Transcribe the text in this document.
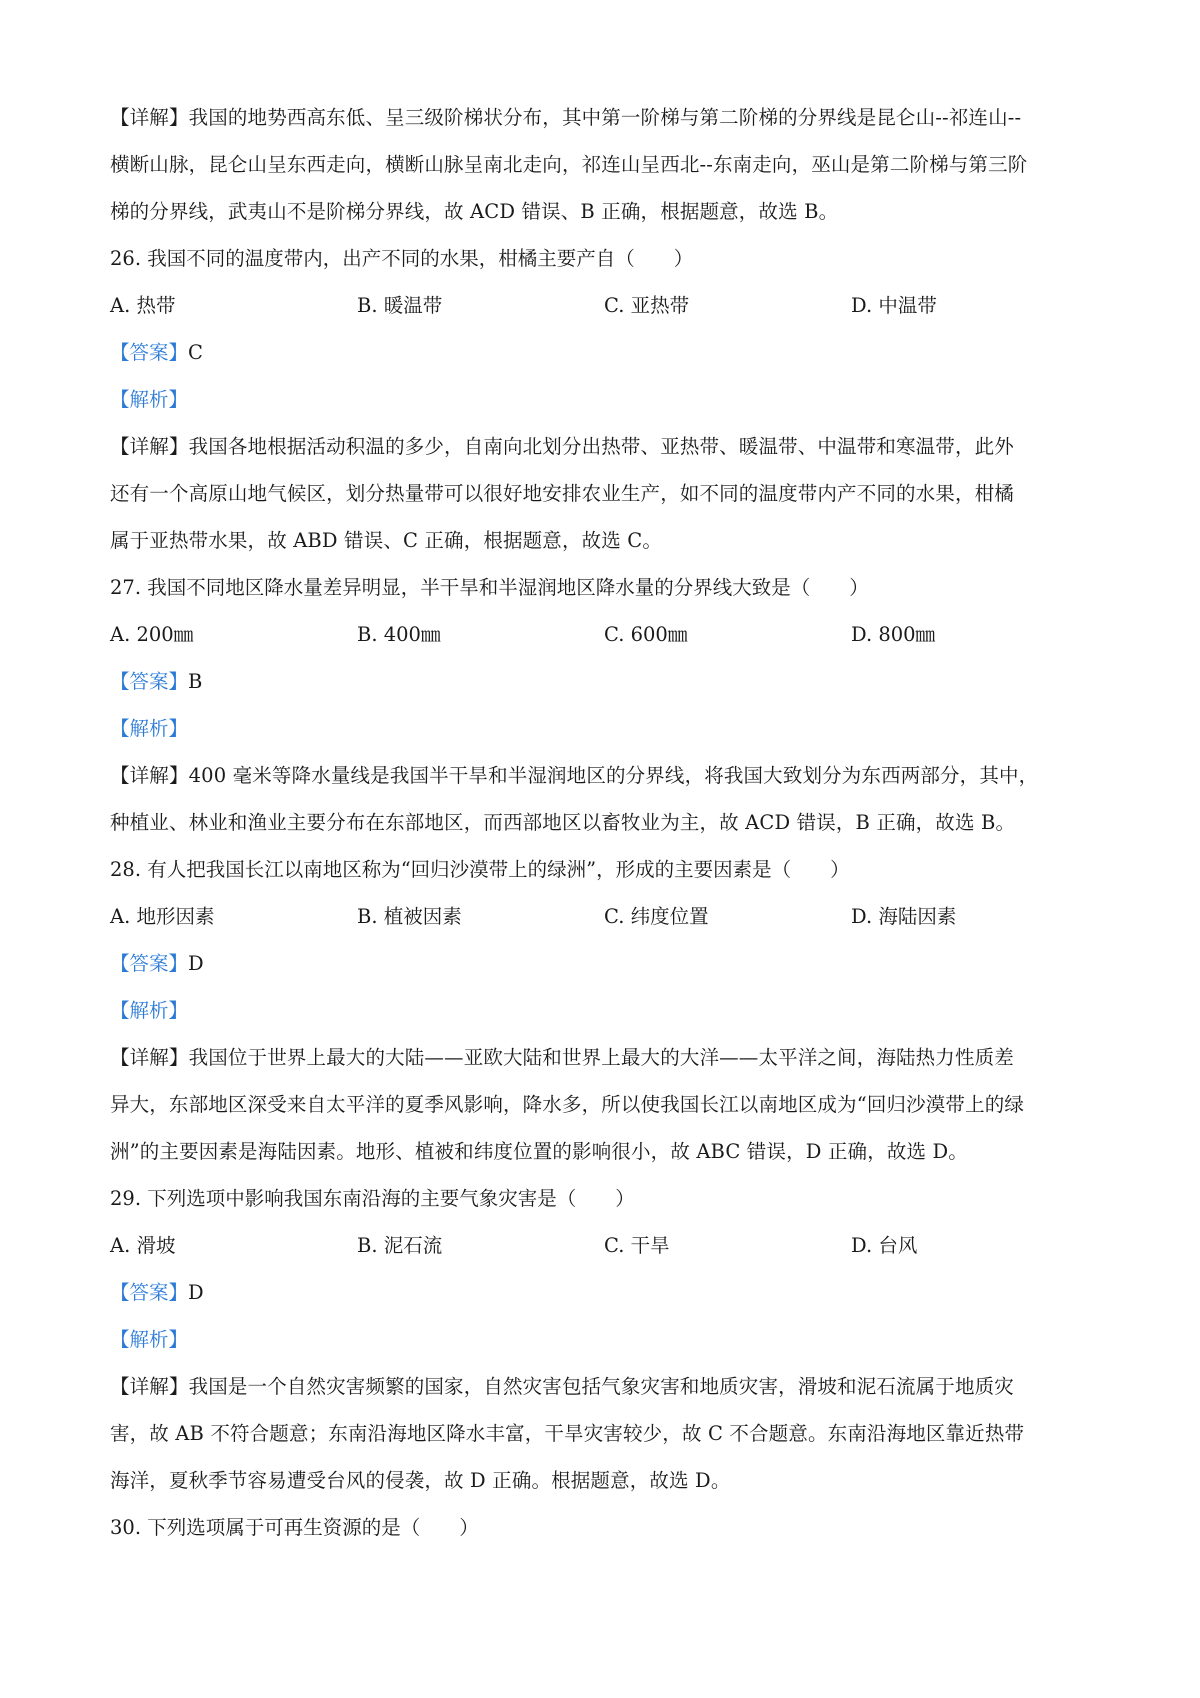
【详解】我国的地势西高东低、呈三级阶梯状分布，其中第一阶梯与第二阶梯的分界线是昆仑山--祁连山--
横断山脉，昆仑山呈东西走向，横断山脉呈南北走向，祁连山呈西北--东南走向，巫山是第二阶梯与第三阶
梯的分界线，武夷山不是阶梯分界线，故 ACD 错误、B 正确，根据题意，故选 B。
26. 我国不同的温度带内，出产不同的水果，柑橘主要产自（　　）
A. 热带	B. 暖温带	C. 亚热带	D. 中温带
【答案】C
【解析】
【详解】我国各地根据活动积温的多少，自南向北划分出热带、亚热带、暖温带、中温带和寒温带，此外
还有一个高原山地气候区，划分热量带可以很好地安排农业生产，如不同的温度带内产不同的水果，柑橘
属于亚热带水果，故 ABD 错误、C 正确，根据题意，故选 C。
27. 我国不同地区降水量差异明显，半干旱和半湿润地区降水量的分界线大致是（　　）
A. 200㎜	B. 400㎜	C. 600㎜	D. 800㎜
【答案】B
【解析】
【详解】400 毫米等降水量线是我国半干旱和半湿润地区的分界线，将我国大致划分为东西两部分，其中，
种植业、林业和渔业主要分布在东部地区，而西部地区以畜牧业为主，故 ACD 错误，B 正确，故选 B。
28. 有人把我国长江以南地区称为“回归沙漠带上的绿洲”，形成的主要因素是（　　）
A. 地形因素	B. 植被因素	C. 纬度位置	D. 海陆因素
【答案】D
【解析】
【详解】我国位于世界上最大的大陆——亚欧大陆和世界上最大的大洋——太平洋之间，海陆热力性质差
异大，东部地区深受来自太平洋的夏季风影响，降水多，所以使我国长江以南地区成为“回归沙漠带上的绿
洲”的主要因素是海陆因素。地形、植被和纬度位置的影响很小，故 ABC 错误，D 正确，故选 D。
29. 下列选项中影响我国东南沿海的主要气象灾害是（　　）
A. 滑坡	B. 泥石流	C. 干旱	D. 台风
【答案】D
【解析】
【详解】我国是一个自然灾害频繁的国家，自然灾害包括气象灾害和地质灾害，滑坡和泥石流属于地质灾
害，故 AB 不符合题意；东南沿海地区降水丰富，干旱灾害较少，故 C 不合题意。东南沿海地区靠近热带
海洋，夏秋季节容易遭受台风的侵袭，故 D 正确。根据题意，故选 D。
30. 下列选项属于可再生资源的是（　　）
